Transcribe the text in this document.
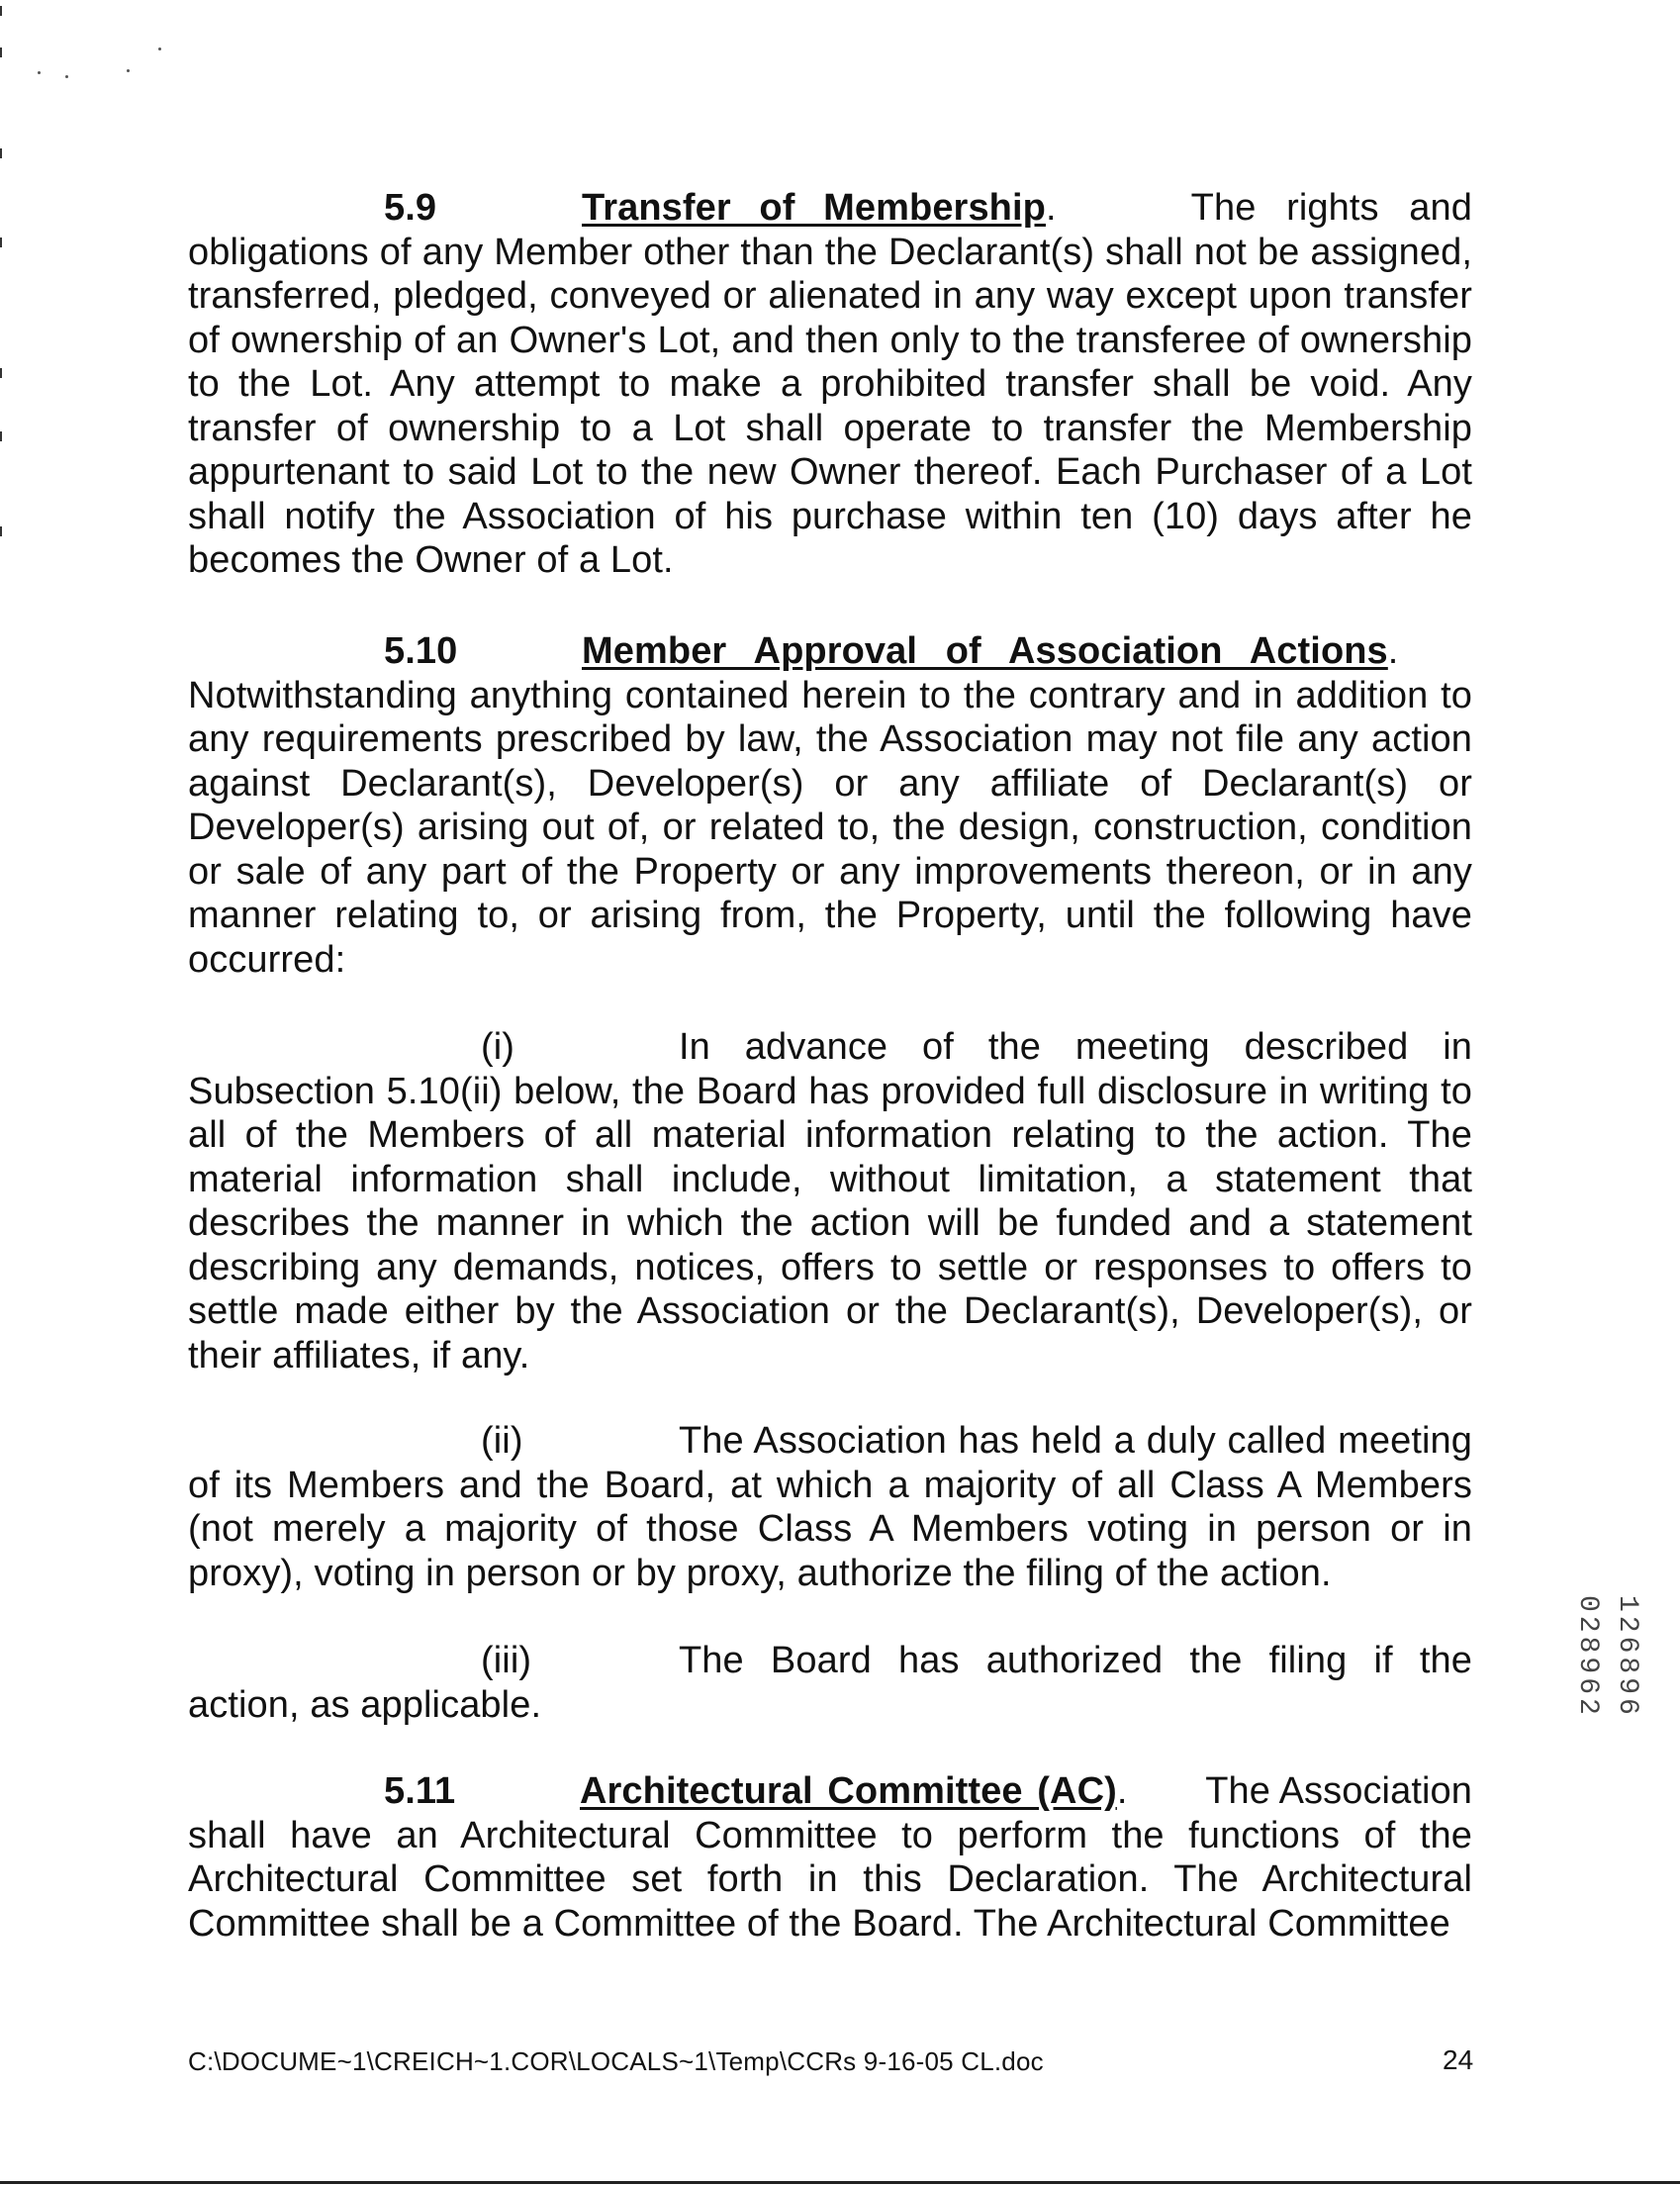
5.9	Transfer of Membership.	The rights and
obligations of any Member other than the Declarant(s) shall not be assigned, transferred, pledged, conveyed or alienated in any way except upon transfer of ownership of an Owner's Lot, and then only to the transferee of ownership to the Lot. Any attempt to make a prohibited transfer shall be void. Any transfer of ownership to a Lot shall operate to transfer the Membership appurtenant to said Lot to the new Owner thereof. Each Purchaser of a Lot shall notify the Association of his purchase within ten (10) days after he becomes the Owner of a Lot.
5.10	Member Approval of Association Actions .
Notwithstanding anything contained herein to the contrary and in addition to any requirements prescribed by law, the Association may not file any action against Declarant(s), Developer(s) or any affiliate of Declarant(s) or Developer(s) arising out of, or related to, the design, construction, condition or sale of any part of the Property or any improvements thereon, or in any manner relating to, or arising from, the Property, until the following have occurred:
(i)	In advance of the meeting described in
Subsection 5.10(ii) below, the Board has provided full disclosure in writing to all of the Members of all material information relating to the action. The material information shall include, without limitation, a statement that describes the manner in which the action will be funded and a statement describing any demands, notices, offers to settle or responses to offers to settle made either by the Association or the Declarant(s), Developer(s), or their affiliates, if any.
(ii)	The Association has held a duly called meeting
of its Members and the Board, at which a majority of all Class A Members (not merely a majority of those Class A Members voting in person or in proxy), voting in person or by proxy, authorize the filing of the action.
(iii)	The Board has authorized the filing if the
action, as applicable.
5.11	Architectural Committee (AC). The Association
shall have an Architectural Committee to perform the functions of the Architectural Committee set forth in this Declaration. The Architectural Committee shall be a Committee of the Board. The Architectural Committee
126896 028962
C:\DOCUME~1\CREICH~1.COR\LOCALS~1\Temp\CCRs 9-16-05 CL.doc	24
